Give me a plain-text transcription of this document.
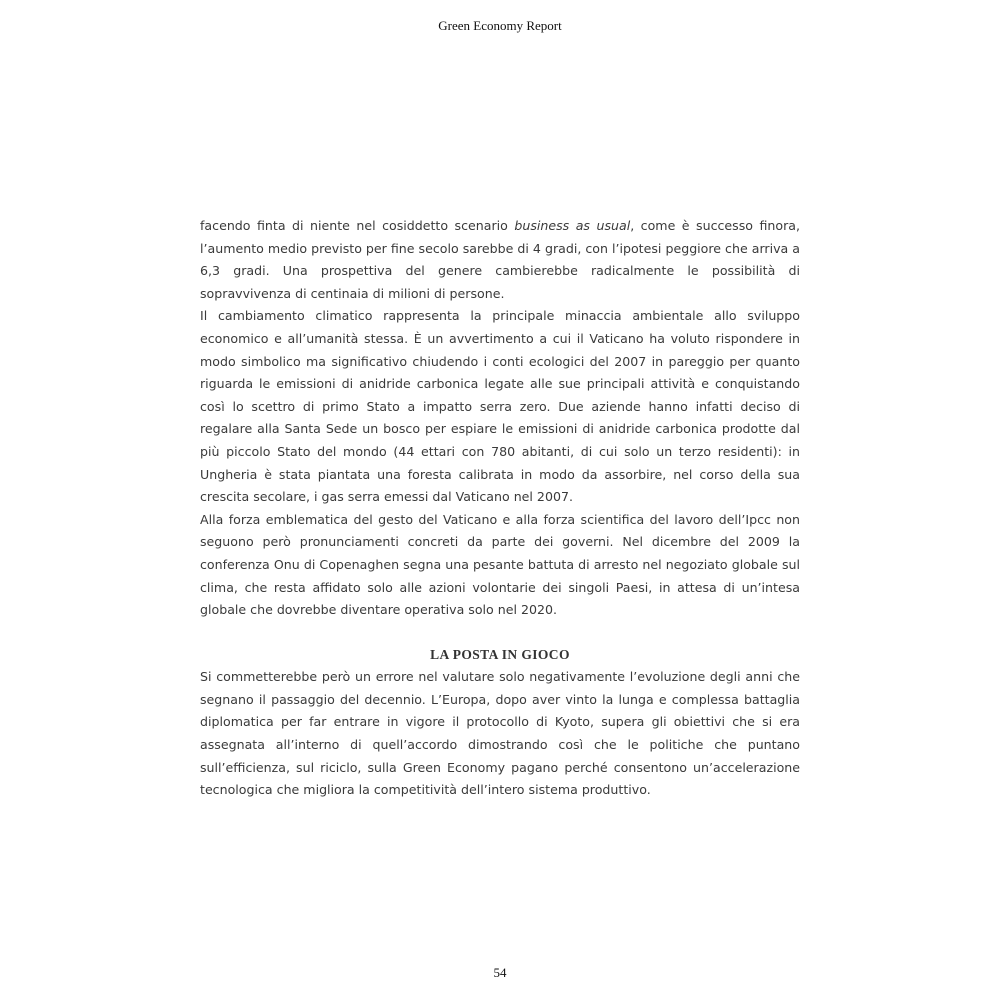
Green Economy Report

facendo finta di niente nel cosiddetto scenario business as usual, come è successo finora, l’aumento medio previsto per fine secolo sarebbe di 4 gradi, con l’ipotesi peggiore che arriva a 6,3 gradi. Una prospettiva del genere cambierebbe radicalmente le possibilità di sopravvivenza di centinaia di milioni di persone.

Il cambiamento climatico rappresenta la principale minaccia ambientale allo sviluppo economico e all’umanità stessa. È un avvertimento a cui il Vaticano ha voluto rispondere in modo simbolico ma significativo chiudendo i conti ecologici del 2007 in pareggio per quanto riguarda le emissioni di anidride carbonica legate alle sue principali attività e conquistando così lo scettro di primo Stato a impatto serra zero. Due aziende hanno infatti deciso di regalare alla Santa Sede un bosco per espiare le emissioni di anidride carbonica prodotte dal più piccolo Stato del mondo (44 ettari con 780 abitanti, di cui solo un terzo residenti): in Ungheria è stata piantata una foresta calibrata in modo da assorbire, nel corso della sua crescita secolare, i gas serra emessi dal Vaticano nel 2007.

Alla forza emblematica del gesto del Vaticano e alla forza scientifica del lavoro dell’Ipcc non seguono però pronunciamenti concreti da parte dei governi. Nel dicembre del 2009 la conferenza Onu di Copenaghen segna una pesante battuta di arresto nel negoziato globale sul clima, che resta affidato solo alle azioni volontarie dei singoli Paesi, in attesa di un’intesa globale che dovrebbe diventare operativa solo nel 2020.

LA POSTA IN GIOCO

Si commetterebbe però un errore nel valutare solo negativamente l’evoluzione degli anni che segnano il passaggio del decennio. L’Europa, dopo aver vinto la lunga e complessa battaglia diplomatica per far entrare in vigore il protocollo di Kyoto, supera gli obiettivi che si era assegnata all’interno di quell’accordo dimostrando così che le politiche che puntano sull’efficienza, sul riciclo, sulla Green Economy pagano perché consentono un’accelerazione tecnologica che migliora la competitività dell’intero sistema produttivo.

54
